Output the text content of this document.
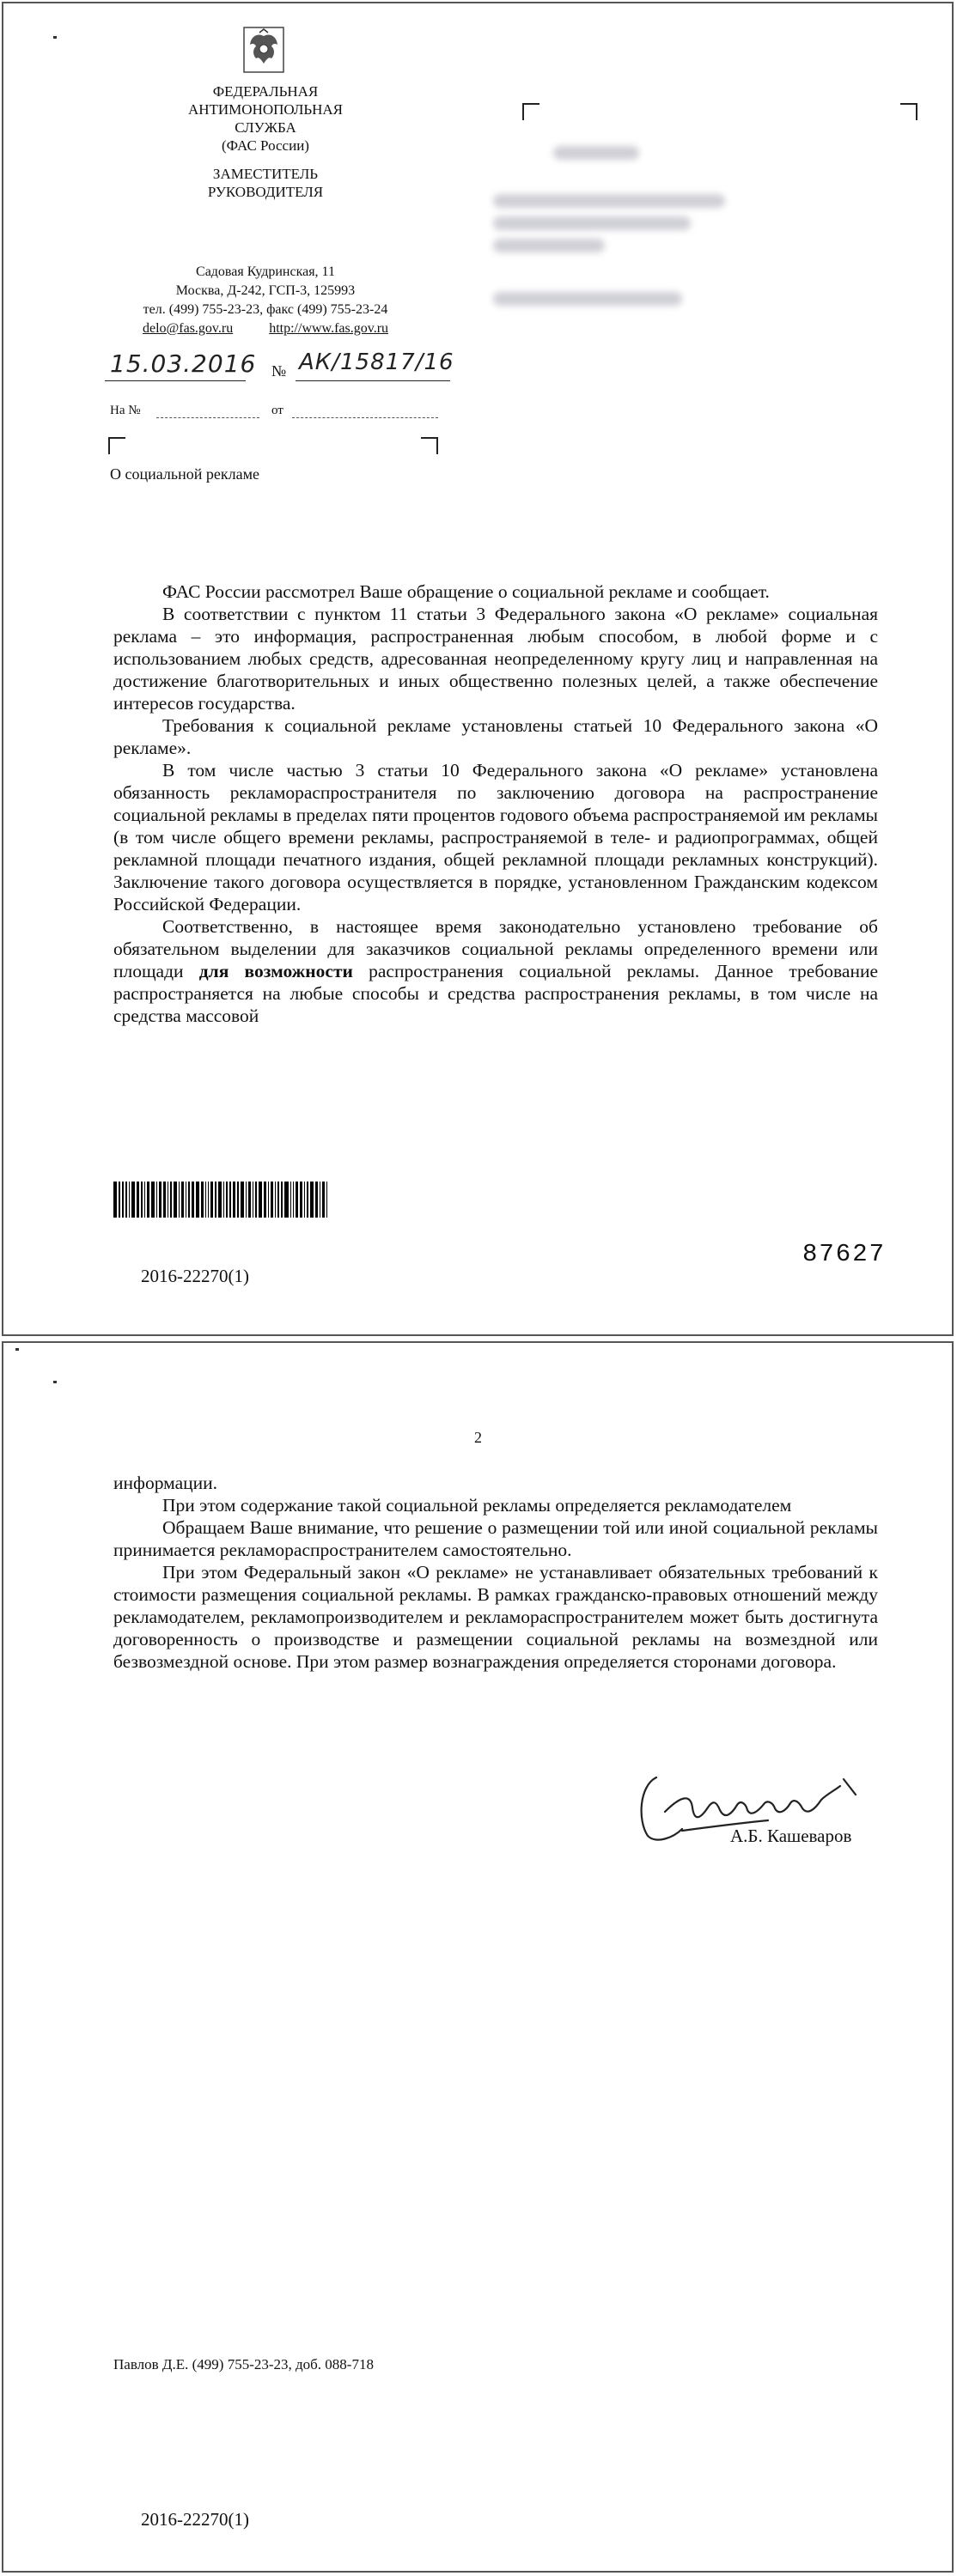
ФЕДЕРАЛЬНАЯ
АНТИМОНОПОЛЬНАЯ
СЛУЖБА
(ФАС России)
ЗАМЕСТИТЕЛЬ
РУКОВОДИТЕЛЯ
Садовая Кудринская, 11
Москва, Д-242, ГСП-3, 125993
тел. (499) 755-23-23, факс (499) 755-23-24
delo@fas.gov.ru	http://www.fas.gov.ru
15.03.2016 № АК/15817/16
На №	от
О социальной рекламе

ФАС России рассмотрел Ваше обращение о социальной рекламе и сообщает.

В соответствии с пунктом 11 статьи 3 Федерального закона «О рекламе» социальная реклама – это информация, распространенная любым способом, в любой форме и с использованием любых средств, адресованная неопределенному кругу лиц и направленная на достижение благотворительных и иных общественно полезных целей, а также обеспечение интересов государства.

Требования к социальной рекламе установлены статьей 10 Федерального закона «О рекламе».

В том числе частью 3 статьи 10 Федерального закона «О рекламе» установлена обязанность рекламораспространителя по заключению договора на распространение социальной рекламы в пределах пяти процентов годового объема распространяемой им рекламы (в том числе общего времени рекламы, распространяемой в теле- и радиопрограммах, общей рекламной площади печатного издания, общей рекламной площади рекламных конструкций). Заключение такого договора осуществляется в порядке, установленном Гражданским кодексом Российской Федерации.

Соответственно, в настоящее время законодательно установлено требование об обязательном выделении для заказчиков социальной рекламы определенного времени или площади для возможности распространения социальной рекламы. Данное требование распространяется на любые способы и средства распространения рекламы, в том числе на средства массовой

87627
2016-22270(1)
2

информации.

При этом содержание такой социальной рекламы определяется рекламодателем

Обращаем Ваше внимание, что решение о размещении той или иной социальной рекламы принимается рекламораспространителем самостоятельно.

При этом Федеральный закон «О рекламе» не устанавливает обязательных требований к стоимости размещения социальной рекламы. В рамках гражданско-правовых отношений между рекламодателем, рекламопроизводителем и рекламораспространителем может быть достигнута договоренность о производстве и размещении социальной рекламы на возмездной или безвозмездной основе. При этом размер вознаграждения определяется сторонами договора.

А.Б. Кашеваров
Павлов Д.Е. (499) 755-23-23, доб. 088-718
2016-22270(1)
